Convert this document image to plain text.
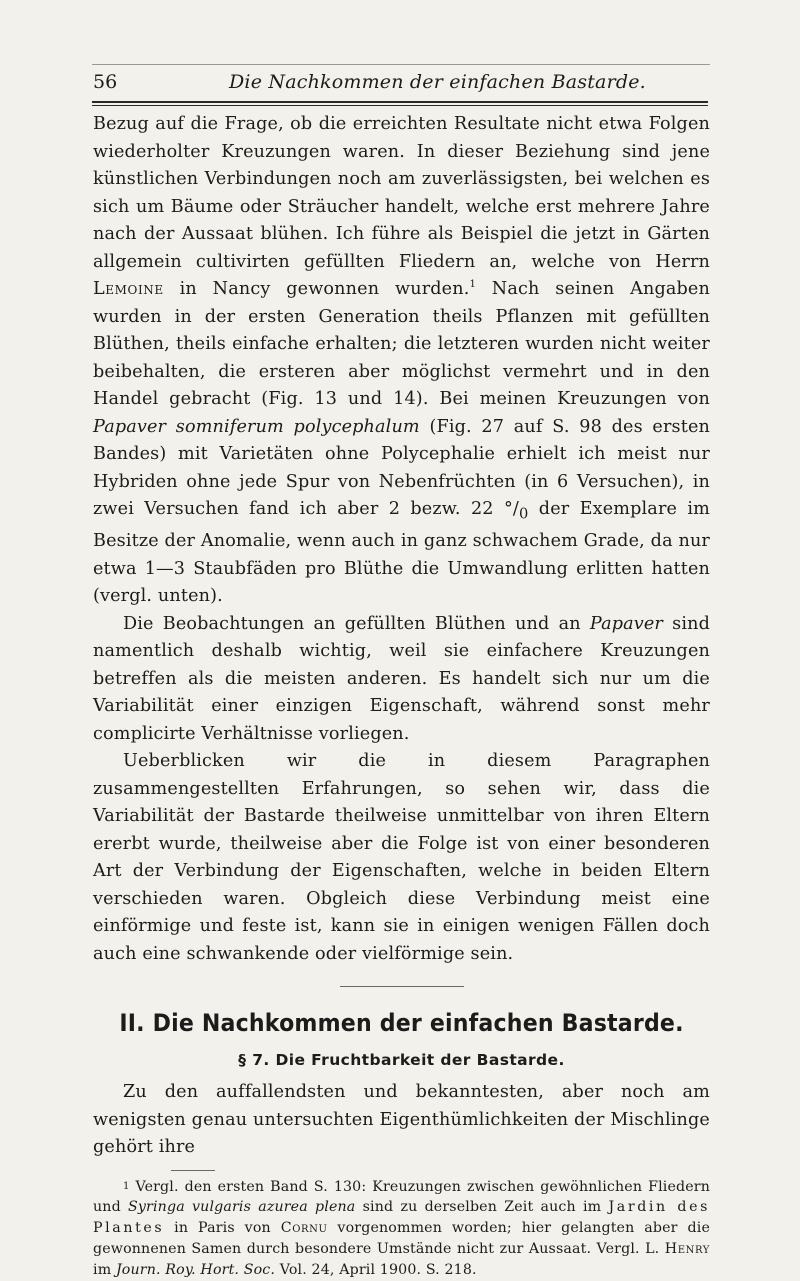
56	Die Nachkommen der einfachen Bastarde.

Bezug auf die Frage, ob die erreichten Resultate nicht etwa Folgen wiederholter Kreuzungen waren. In dieser Beziehung sind jene künstlichen Verbindungen noch am zuverlässigsten, bei welchen es sich um Bäume oder Sträucher handelt, welche erst mehrere Jahre nach der Aussaat blühen. Ich führe als Beispiel die jetzt in Gärten allgemein cultivirten gefüllten Fliedern an, welche von Herrn Lemoine in Nancy gewonnen wurden.$^1$ Nach seinen Angaben wurden in der ersten Generation theils Pflanzen mit gefüllten Blüthen, theils einfache erhalten; die letzteren wurden nicht weiter beibehalten, die ersteren aber möglichst vermehrt und in den Handel gebracht (Fig. 13 und 14). Bei meinen Kreuzungen von Papaver somniferum polycephalum (Fig. 27 auf S. 98 des ersten Bandes) mit Varietäten ohne Polycephalie erhielt ich meist nur Hybriden ohne jede Spur von Nebenfrüchten (in 6 Versuchen), in zwei Versuchen fand ich aber 2 bezw. 22 $^\circ/_0$ der Exemplare im Besitze der Anomalie, wenn auch in ganz schwachem Grade, da nur etwa 1—3 Staubfäden pro Blüthe die Umwandlung erlitten hatten (vergl. unten).

Die Beobachtungen an gefüllten Blüthen und an Papaver sind namentlich deshalb wichtig, weil sie einfachere Kreuzungen betreffen als die meisten anderen. Es handelt sich nur um die Variabilität einer einzigen Eigenschaft, während sonst mehr complicirte Verhältnisse vorliegen.

Ueberblicken wir die in diesem Paragraphen zusammengestellten Erfahrungen, so sehen wir, dass die Variabilität der Bastarde theilweise unmittelbar von ihren Eltern ererbt wurde, theilweise aber die Folge ist von einer besonderen Art der Verbindung der Eigenschaften, welche in beiden Eltern verschieden waren. Obgleich diese Verbindung meist eine einförmige und feste ist, kann sie in einigen wenigen Fällen doch auch eine schwankende oder vielförmige sein.

II. Die Nachkommen der einfachen Bastarde.
§ 7. Die Fruchtbarkeit der Bastarde.

Zu den auffallendsten und bekanntesten, aber noch am wenigsten genau untersuchten Eigenthümlichkeiten der Mischlinge gehört ihre

1 Vergl. den ersten Band S. 130: Kreuzungen zwischen gewöhnlichen Fliedern und Syringa vulgaris azurea plena sind zu derselben Zeit auch im Jardin des Plantes in Paris von Cornu vorgenommen worden; hier gelangten aber die gewonnenen Samen durch besondere Umstände nicht zur Aussaat. Vergl. L. Henry im Journ. Roy. Hort. Soc. Vol. 24, April 1900. S. 218.
